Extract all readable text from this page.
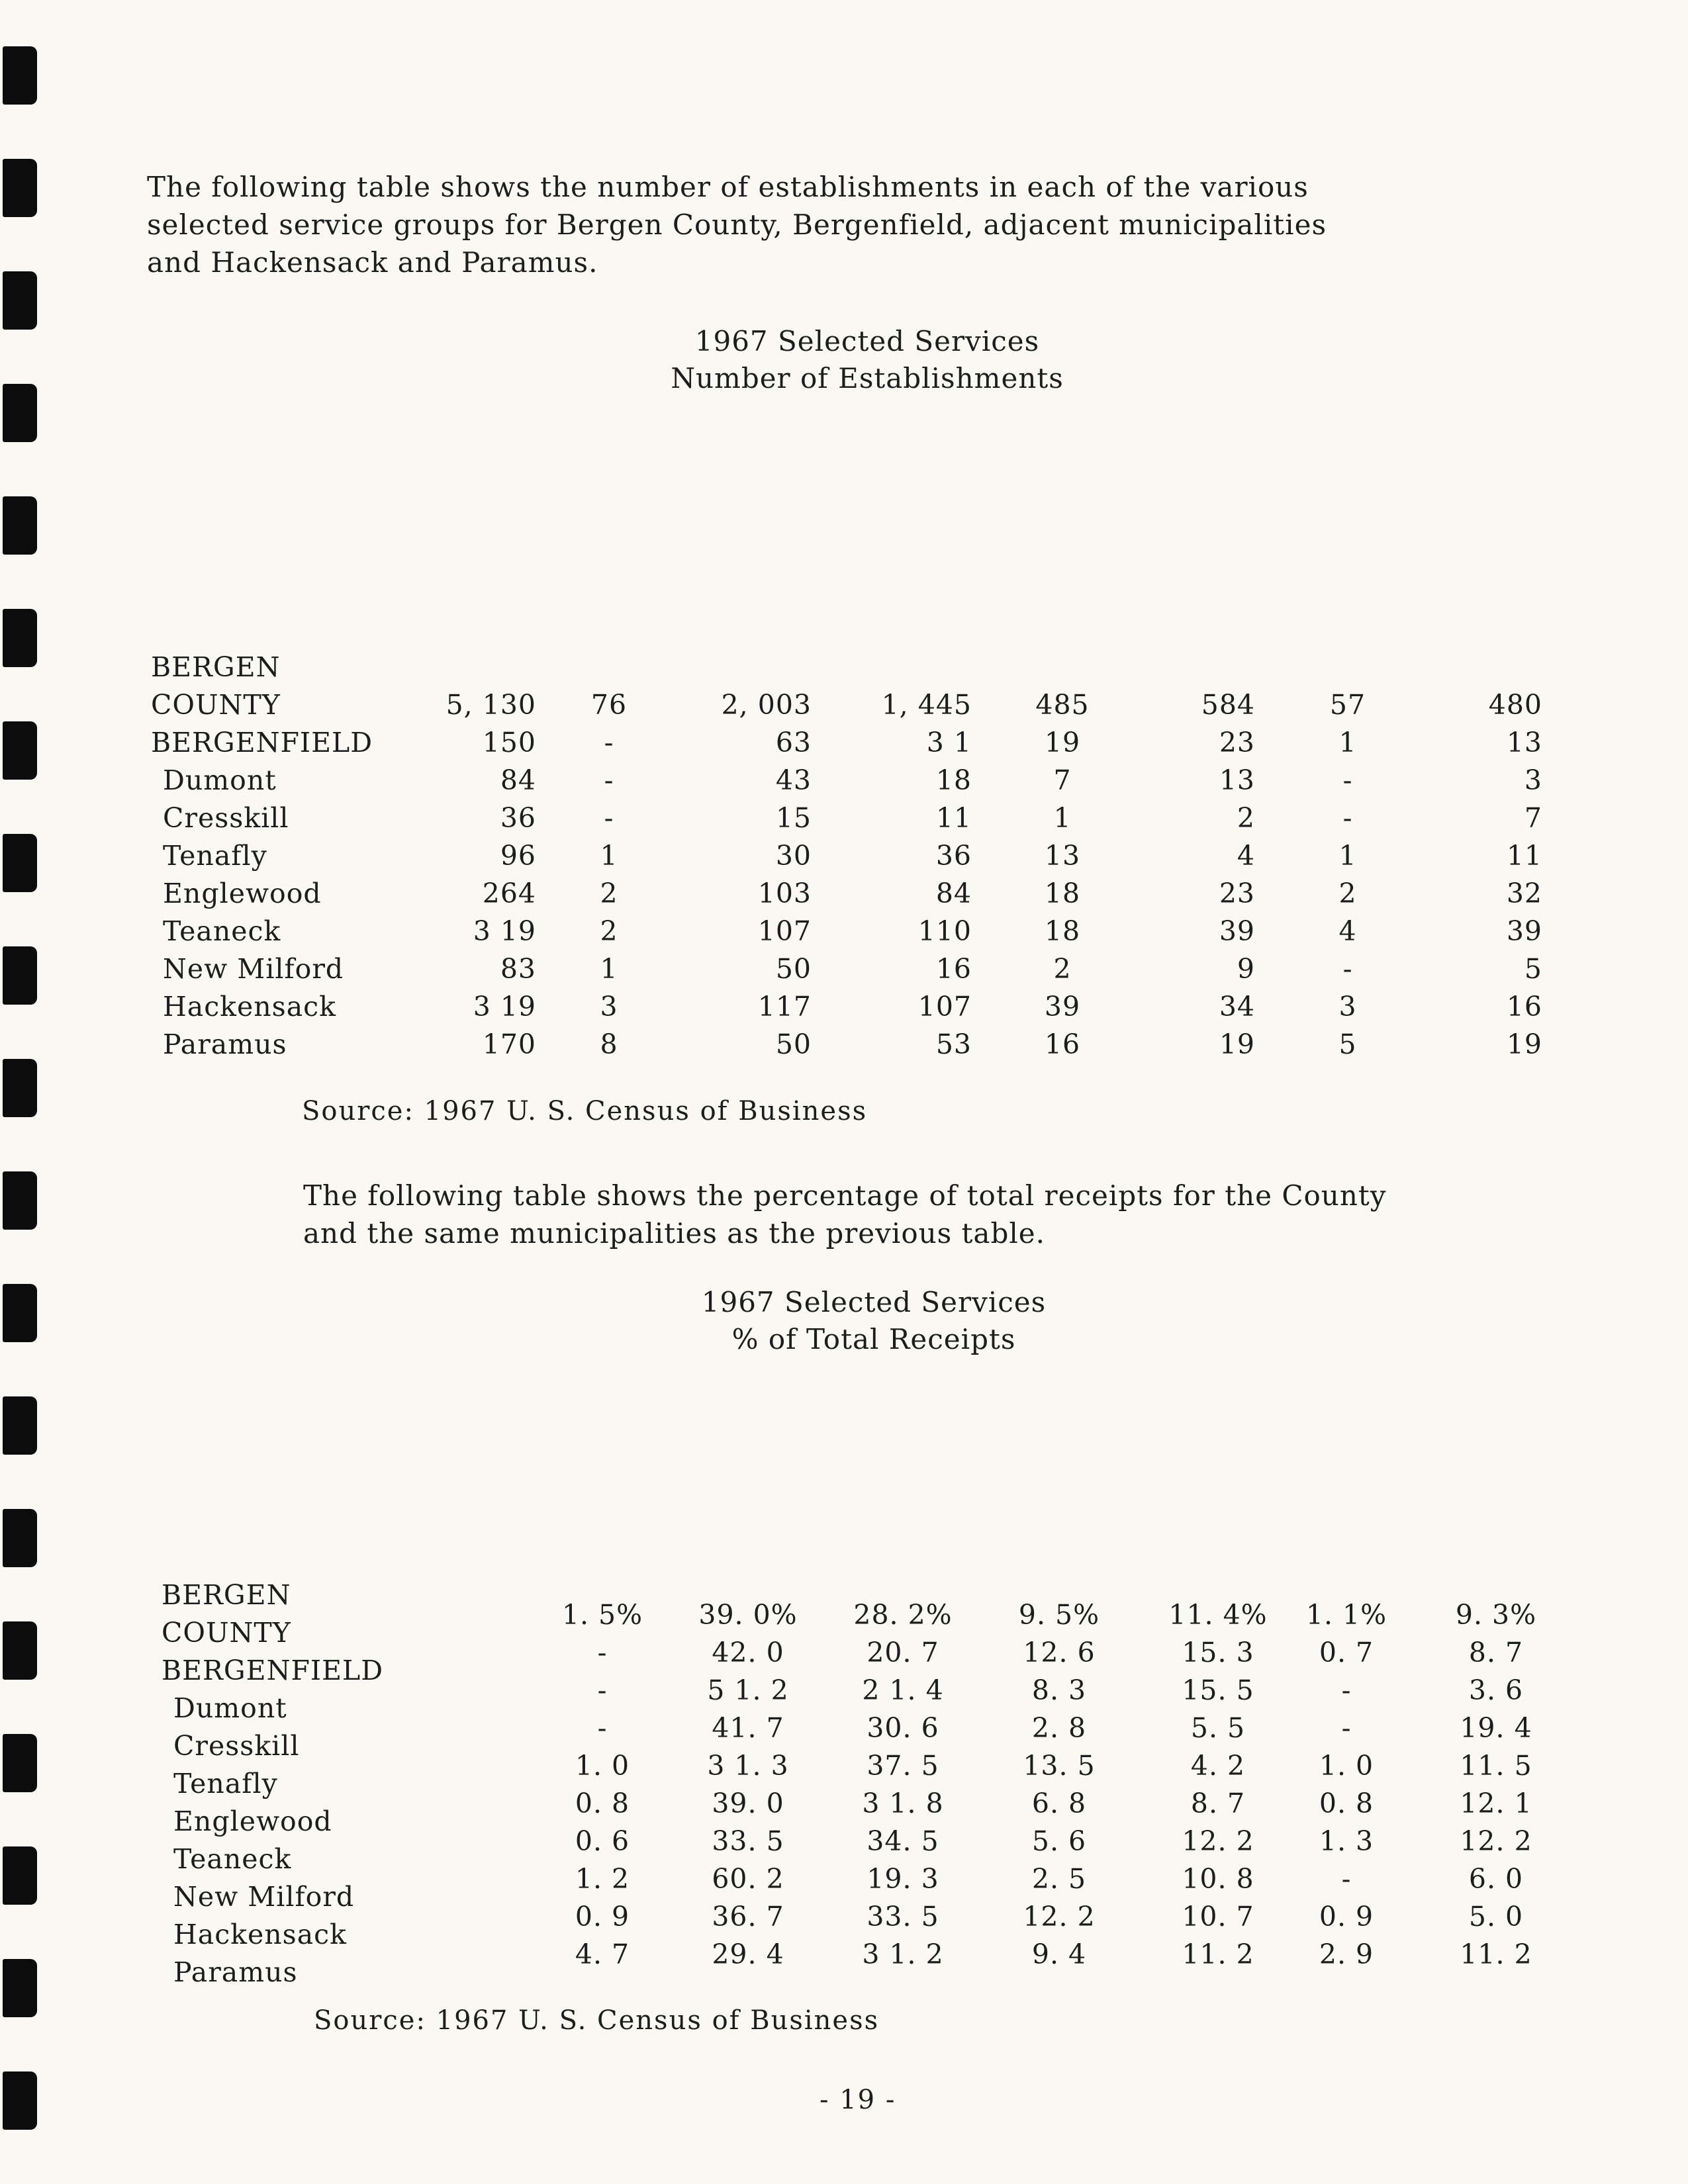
The following table shows the number of establishments in each of the various
selected service groups for Bergen County, Bergenfield, adjacent municipalities
and Hackensack and Paramus.
1967 Selected Services
Number of Establishments
BERGEN
COUNTY
BERGENFIELD
Dumont
Cresskill
Tenafly
Englewood
Teaneck
New Milford
Hackensack
Paramus
5, 130
150
84
36
96
264
3 19
83
3 19
170
76
-
-
-
1
2
2
1
3
8
2, 003
63
43
15
30
103
107
50
117
50
1, 445
3 1
18
11
36
84
110
16
107
53
485
19
7
1
13
18
18
2
39
16
584
23
13
2
4
23
39
9
34
19
57
1
-
-
1
2
4
-
3
5
480
13
3
7
11
32
39
5
16
19
Source: 1967 U. S. Census of Business
The following table shows the percentage of total receipts for the County
and the same municipalities as the previous table.
1967 Selected Services
% of Total Receipts
BERGEN
COUNTY
BERGENFIELD
Dumont
Cresskill
Tenafly
Englewood
Teaneck
New Milford
Hackensack
Paramus
1. 5%
-
-
-
1. 0
0. 8
0. 6
1. 2
0. 9
4. 7
39. 0%
42. 0
5 1. 2
41. 7
3 1. 3
39. 0
33. 5
60. 2
36. 7
29. 4
28. 2%
20. 7
2 1. 4
30. 6
37. 5
3 1. 8
34. 5
19. 3
33. 5
3 1. 2
9. 5%
12. 6
8. 3
2. 8
13. 5
6. 8
5. 6
2. 5
12. 2
9. 4
11. 4%
15. 3
15. 5
5. 5
4. 2
8. 7
12. 2
10. 8
10. 7
11. 2
1. 1%
0. 7
-
-
1. 0
0. 8
1. 3
-
0. 9
2. 9
9. 3%
8. 7
3. 6
19. 4
11. 5
12. 1
12. 2
6. 0
5. 0
11. 2
Source: 1967 U. S. Census of Business
- 19 -
